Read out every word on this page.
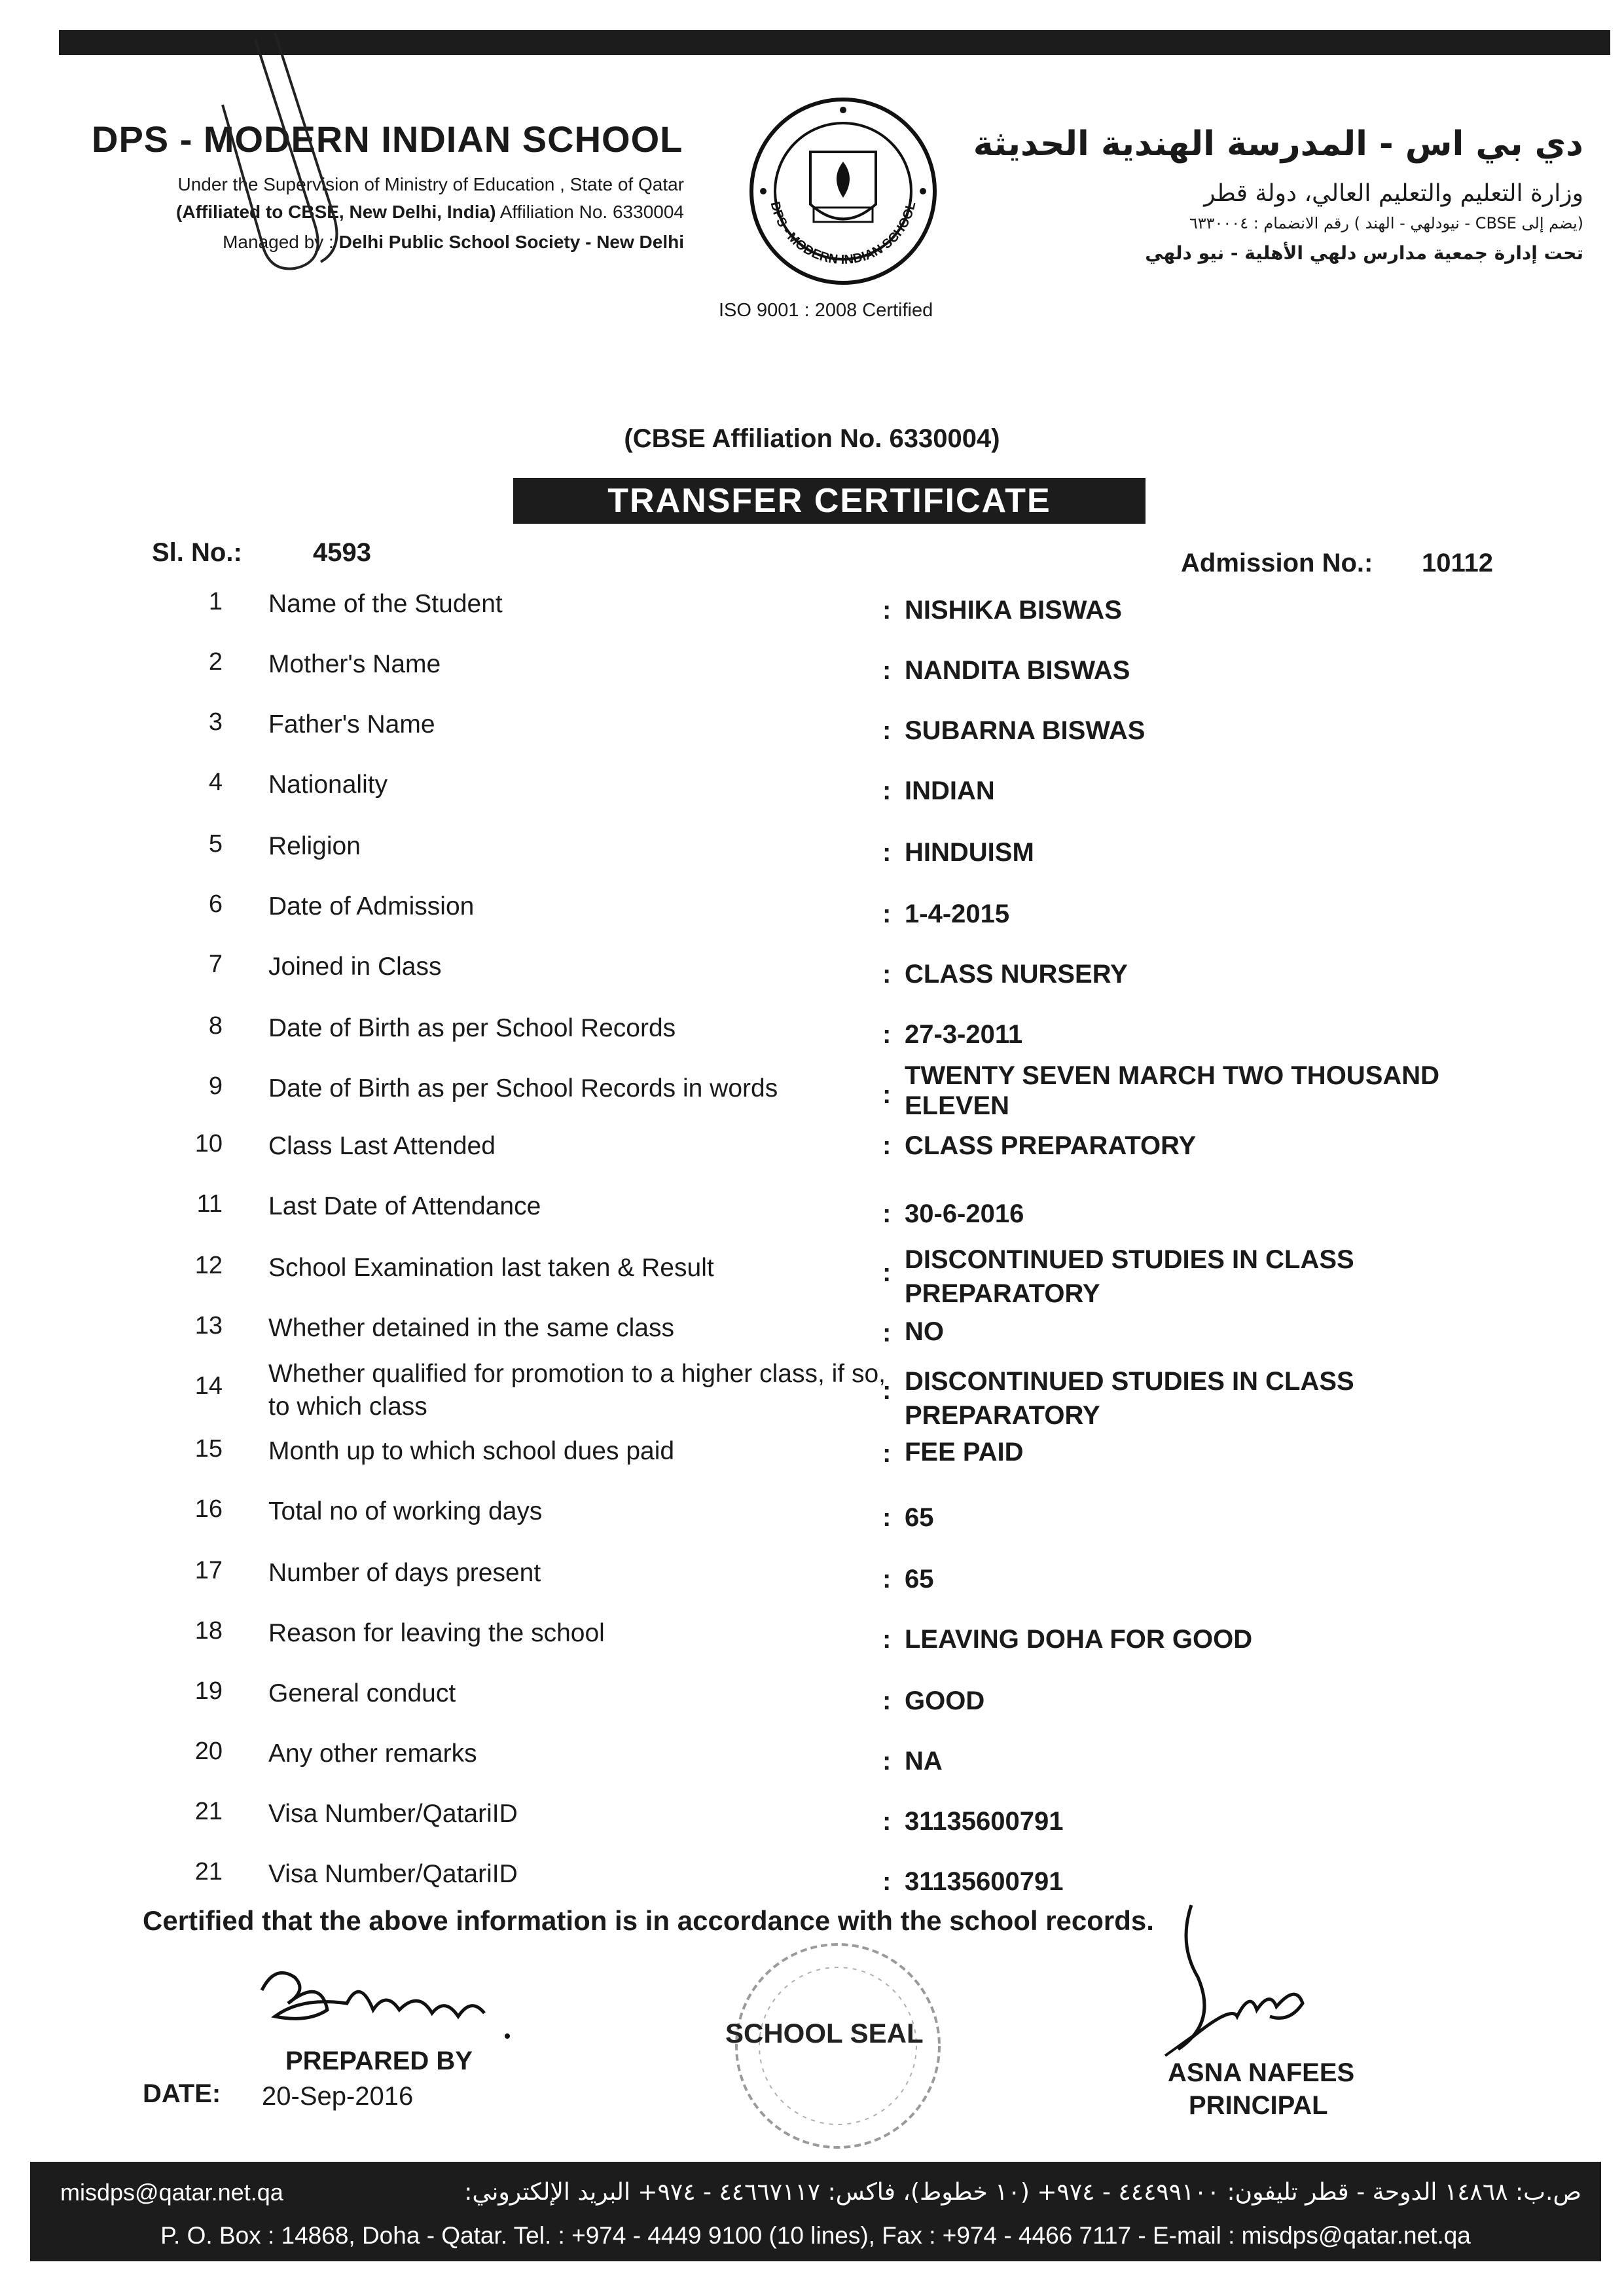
DPS - MODERN INDIAN SCHOOL
Under the Supervision of Ministry of Education , State of Qatar
(Affiliated to CBSE, New Delhi, India) Affiliation No. 6330004
Managed by : Delhi Public School Society - New Delhi
DPS - MODERN INDIAN SCHOOL
ISO 9001 : 2008 Certified
دي بي اس - المدرسة الهندية الحديثة
وزارة التعليم والتعليم العالي، دولة قطر
(يضم إلى CBSE - نيودلهي - الهند ) رقم الانضمام : ٦٣٣٠٠٠٤
تحت إدارة جمعية مدارس دلهي الأهلية - نيو دلهي
(CBSE Affiliation No. 6330004)
TRANSFER CERTIFICATE
Sl. No.:	4593	Admission No.: 10112
1 Name of the Student	: NISHIKA BISWAS
2 Mother's Name	: NANDITA BISWAS
3 Father's Name	: SUBARNA BISWAS
4 Nationality	: INDIAN
5 Religion	: HINDUISM
6 Date of Admission	: 1-4-2015
7 Joined in Class	: CLASS NURSERY
8 Date of Birth as per School Records	: 27-3-2011
9 Date of Birth as per School Records in words	:
TWENTY SEVEN MARCH TWO THOUSAND ELEVEN
10 Class Last Attended	: CLASS PREPARATORY
11 Last Date of Attendance	: 30-6-2016
12 School Examination last taken & Result	: DISCONTINUED STUDIES IN CLASS PREPARATORY
13 Whether detained in the same class	: NO
14 Whether qualified for promotion to a higher class, if so, to which class
: DISCONTINUED STUDIES IN CLASS PREPARATORY
15 Month up to which school dues paid	: FEE PAID
16 Total no of working days	: 65
17 Number of days present	: 65
18 Reason for leaving the school	: LEAVING DOHA FOR GOOD
19 General conduct	: GOOD
20 Any other remarks	: NA
21 Visa Number/QatariID	: 31135600791
Certified that the above information is in accordance with the school records.
PREPARED BY
DATE: 20-Sep-2016
SCHOOL SEAL
ASNA NAFEES
PRINCIPAL
misdps@qatar.net.qa	ص.ب: ١٤٨٦٨ الدوحة - قطر تليفون: ٤٤٤٩٩١٠٠ - ٩٧٤+ (١٠ خطوط)، فاكس: ٤٤٦٦٧١١٧ - ٩٧٤+ البريد الإلكتروني:
P. O. Box : 14868, Doha - Qatar. Tel. : +974 - 4449 9100 (10 lines), Fax : +974 - 4466 7117 - E-mail : misdps@qatar.net.qa
21 Visa Number/QatariID	: 31135600791
